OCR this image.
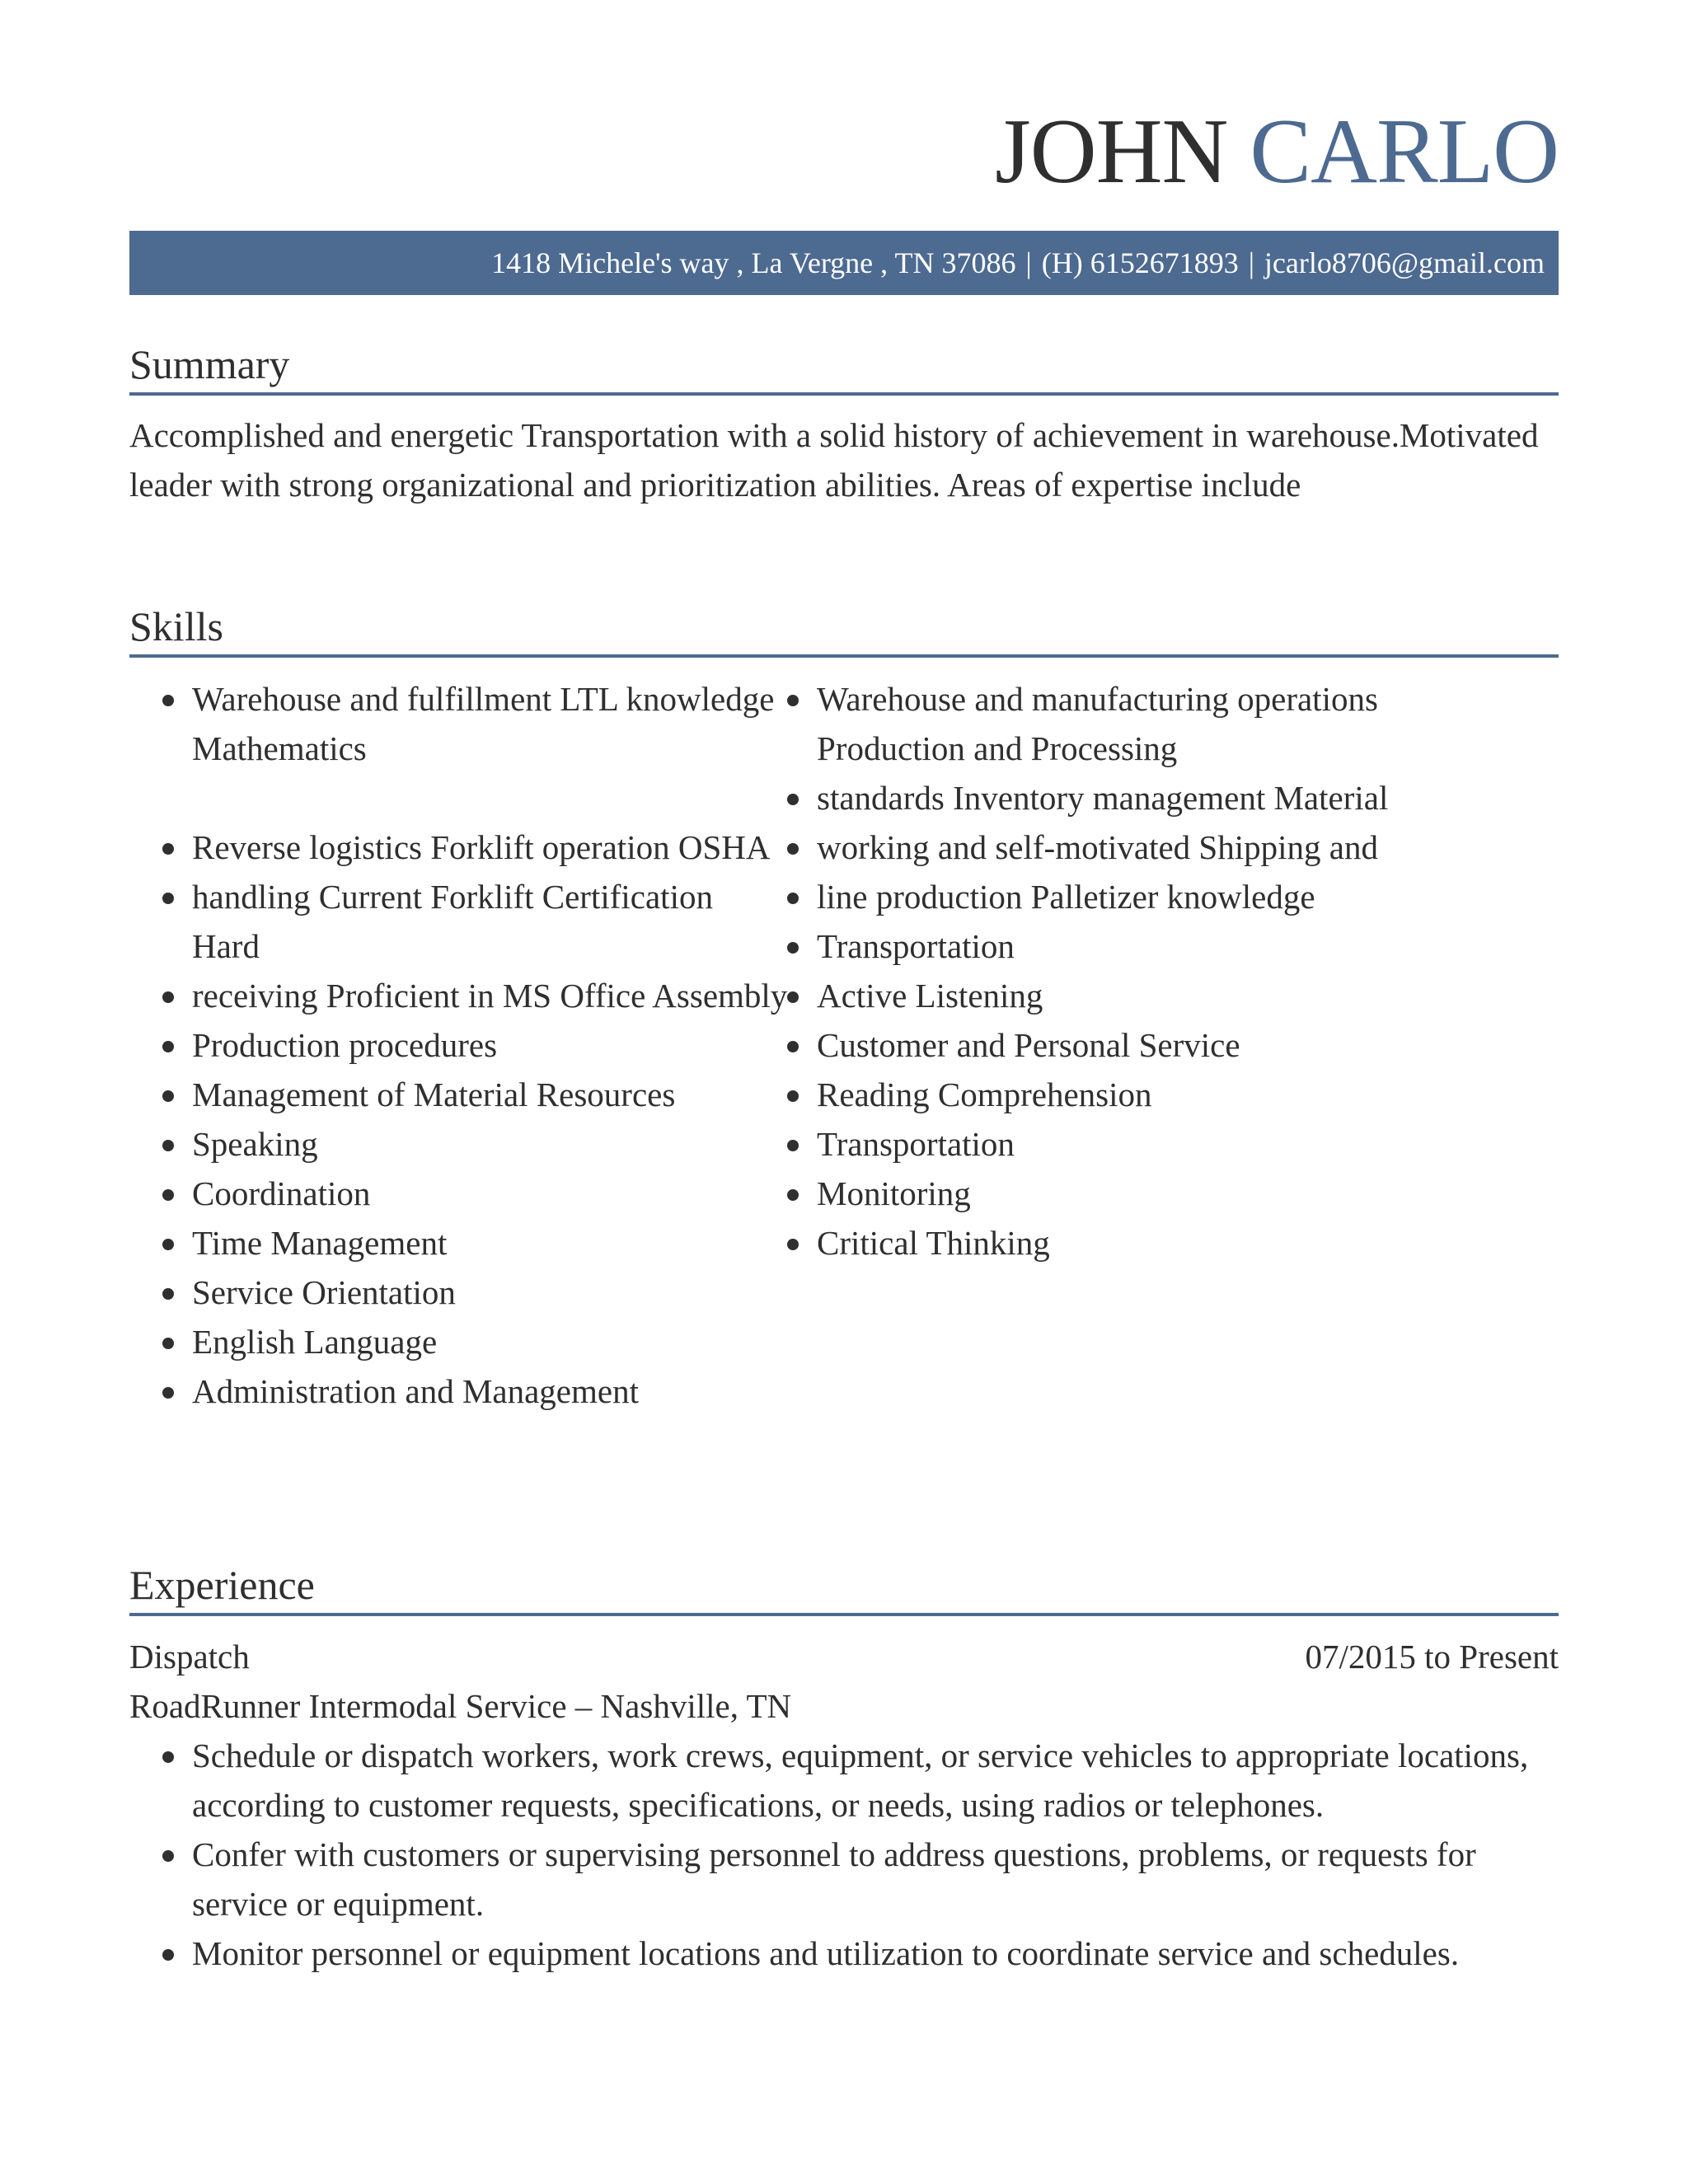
JOHN CARLO
1418 Michele's way , La Vergne , TN 37086 | (H) 6152671893 | jcarlo8706@gmail.com
Summary
Accomplished and energetic Transportation with a solid history of achievement in warehouse.Motivated leader with strong organizational and prioritization abilities. Areas of expertise include
Skills
Warehouse and fulfillment LTL knowledge Mathematics
Reverse logistics Forklift operation OSHA
handling Current Forklift Certification Hard
receiving Proficient in MS Office Assembly
Production procedures
Management of Material Resources
Speaking
Coordination
Time Management
Service Orientation
English Language
Administration and Management
Warehouse and manufacturing operations Production and Processing
standards Inventory management Material
working and self-motivated Shipping and
line production Palletizer knowledge
Transportation
Active Listening
Customer and Personal Service
Reading Comprehension
Transportation
Monitoring
Critical Thinking
Experience
Dispatch	07/2015 to Present
RoadRunner Intermodal Service – Nashville, TN
Schedule or dispatch workers, work crews, equipment, or service vehicles to appropriate locations, according to customer requests, specifications, or needs, using radios or telephones.
Confer with customers or supervising personnel to address questions, problems, or requests for service or equipment.
Monitor personnel or equipment locations and utilization to coordinate service and schedules.
